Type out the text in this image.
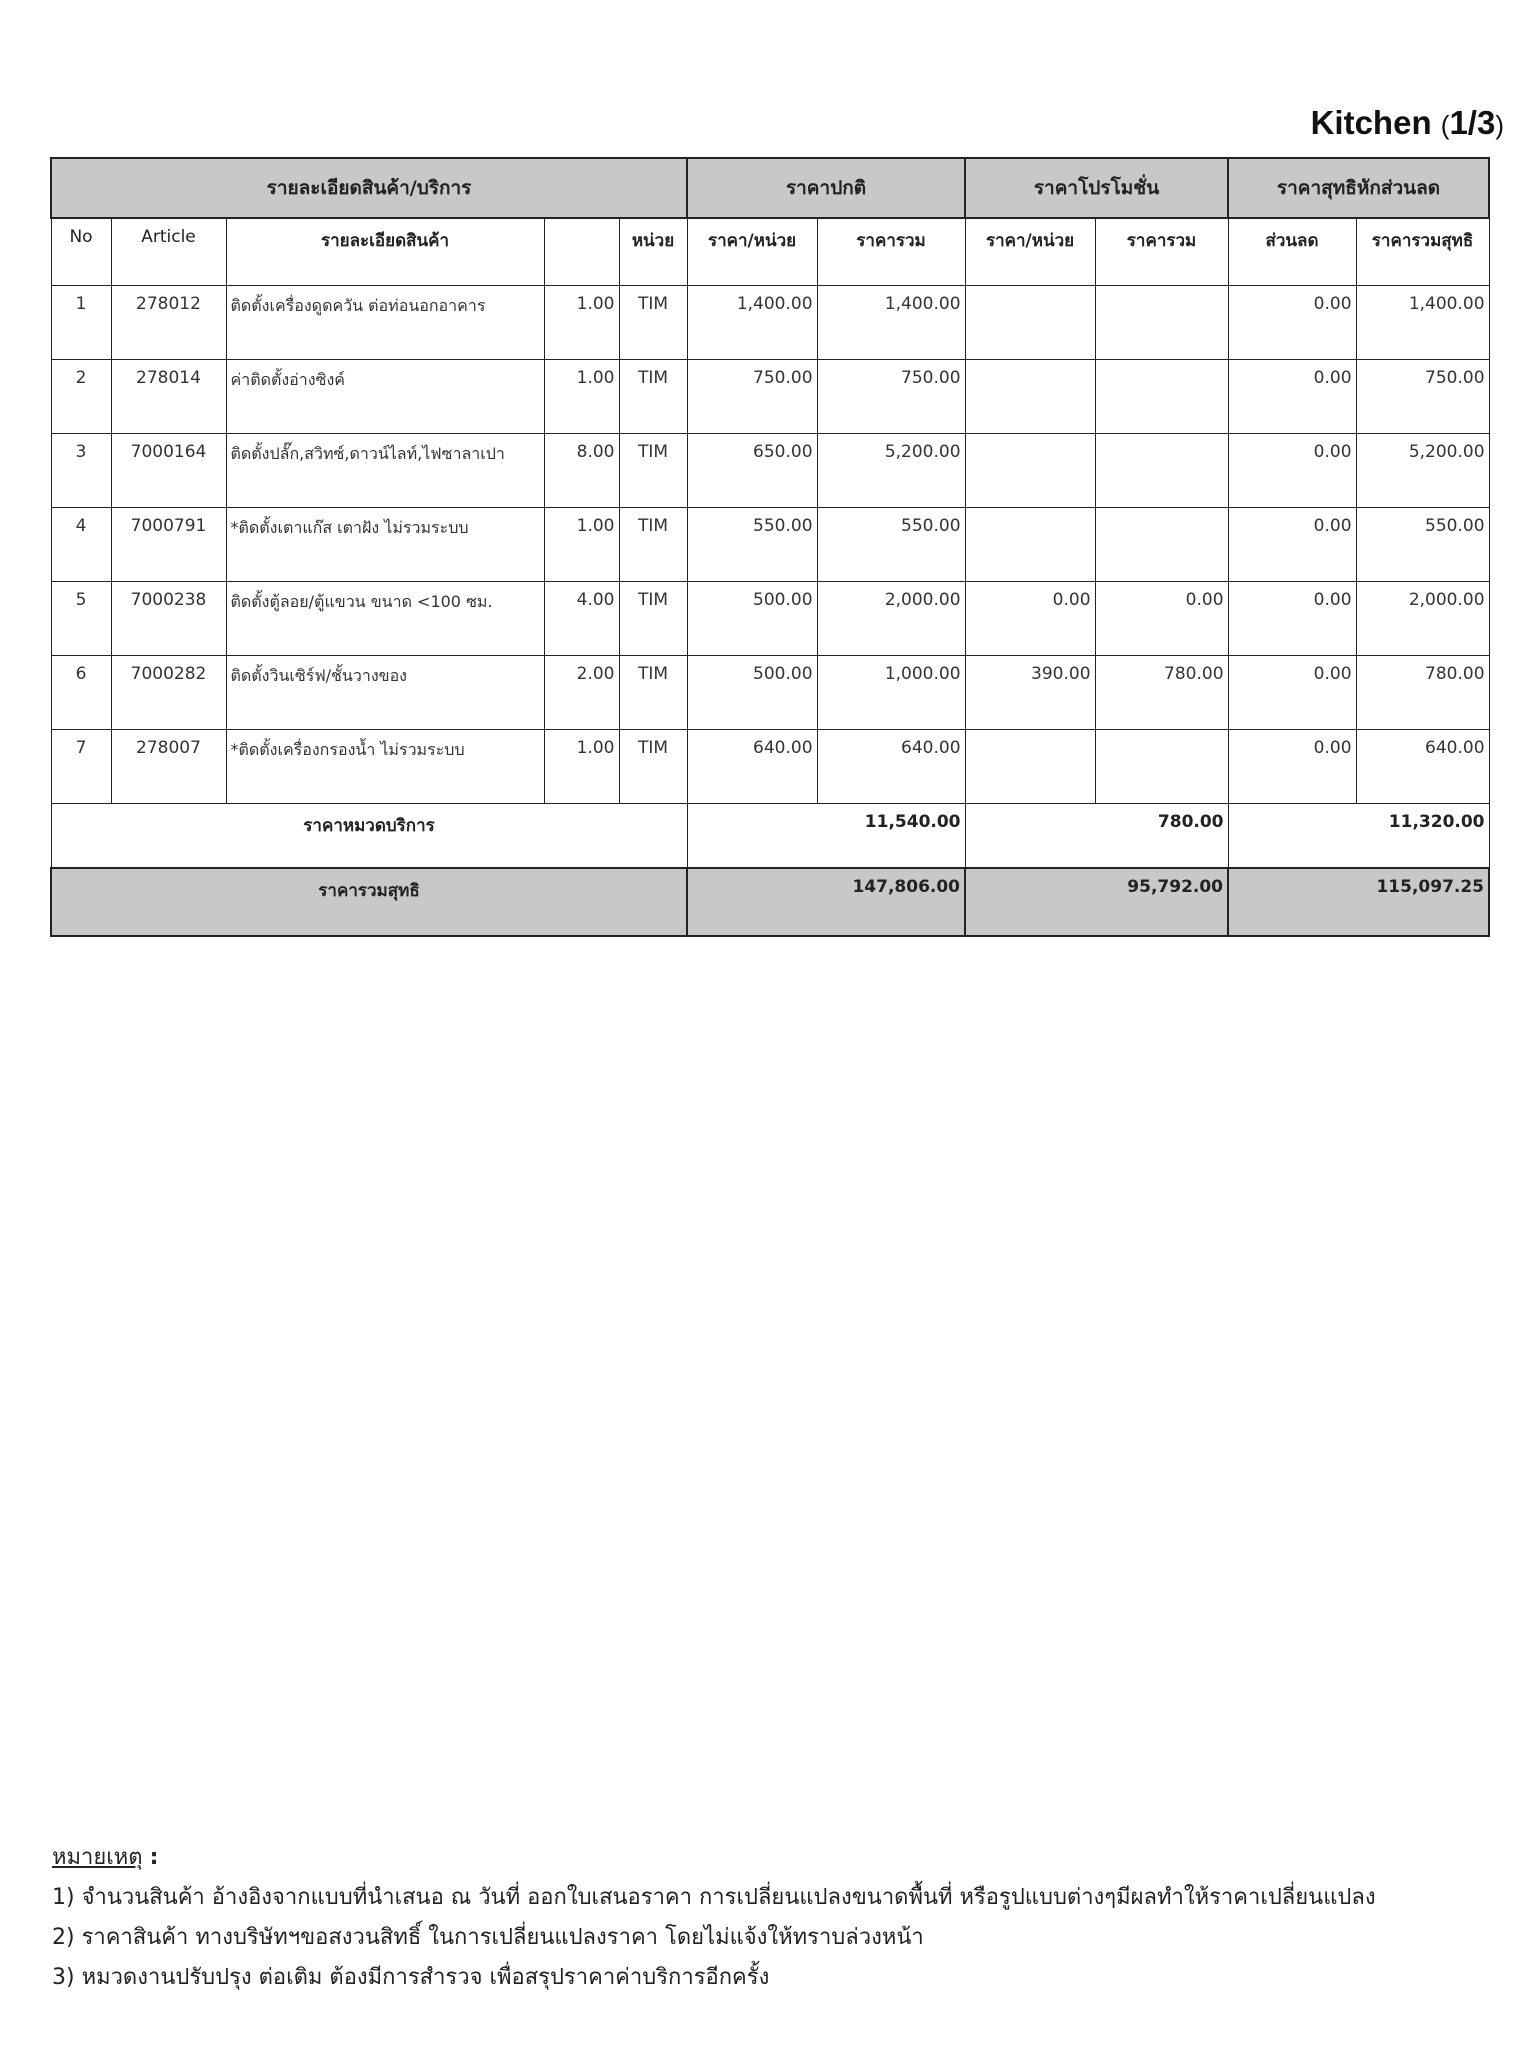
Kitchen (1/3)
รายละเอียดสินค้า/บริการ					ราคาปกติ		ราคาโปรโมชั่น		ราคาสุทธิหักส่วนลด	
No	Article	รายละเอียดสินค้า		หน่วย	ราคา/หน่วย	ราคารวม	ราคา/หน่วย	ราคารวม	ส่วนลด	ราคารวมสุทธิ
1	278012	ติดตั้งเครื่องดูดควัน ต่อท่อนอกอาคาร	1.00	TIM	1,400.00	1,400.00			0.00	1,400.00
2	278014	ค่าติดตั้งอ่างซิงค์	1.00	TIM	750.00	750.00			0.00	750.00
3	7000164	ติดตั้งปลั๊ก,สวิทซ์,ดาวน์ไลท์,ไฟซาลาเปา	8.00	TIM	650.00	5,200.00			0.00	5,200.00
4	7000791	*ติดตั้งเตาแก๊ส เตาฝัง ไม่รวมระบบ	1.00	TIM	550.00	550.00			0.00	550.00
5	7000238	ติดตั้งตู้ลอย/ตู้แขวน ขนาด <100 ซม.	4.00	TIM	500.00	2,000.00	0.00	0.00	0.00	2,000.00
6	7000282	ติดตั้งวินเซิร์ฟ/ชั้นวางของ	2.00	TIM	500.00	1,000.00	390.00	780.00	0.00	780.00
7	278007	*ติดตั้งเครื่องกรองน้ำ ไม่รวมระบบ	1.00	TIM	640.00	640.00			0.00	640.00
ราคาหมวดบริการ					11,540.00		780.00		11,320.00	
ราคารวมสุทธิ					147,806.00		95,792.00		115,097.25	
หมายเหตุ :
1) จำนวนสินค้า อ้างอิงจากแบบที่นำเสนอ ณ วันที่ ออกใบเสนอราคา การเปลี่ยนแปลงขนาดพื้นที่ หรือรูปแบบต่างๆมีผลทำให้ราคาเปลี่ยนแปลง
2) ราคาสินค้า ทางบริษัทฯขอสงวนสิทธิ์ ในการเปลี่ยนแปลงราคา โดยไม่แจ้งให้ทราบล่วงหน้า
3) หมวดงานปรับปรุง ต่อเติม ต้องมีการสำรวจ เพื่อสรุปราคาค่าบริการอีกครั้ง
